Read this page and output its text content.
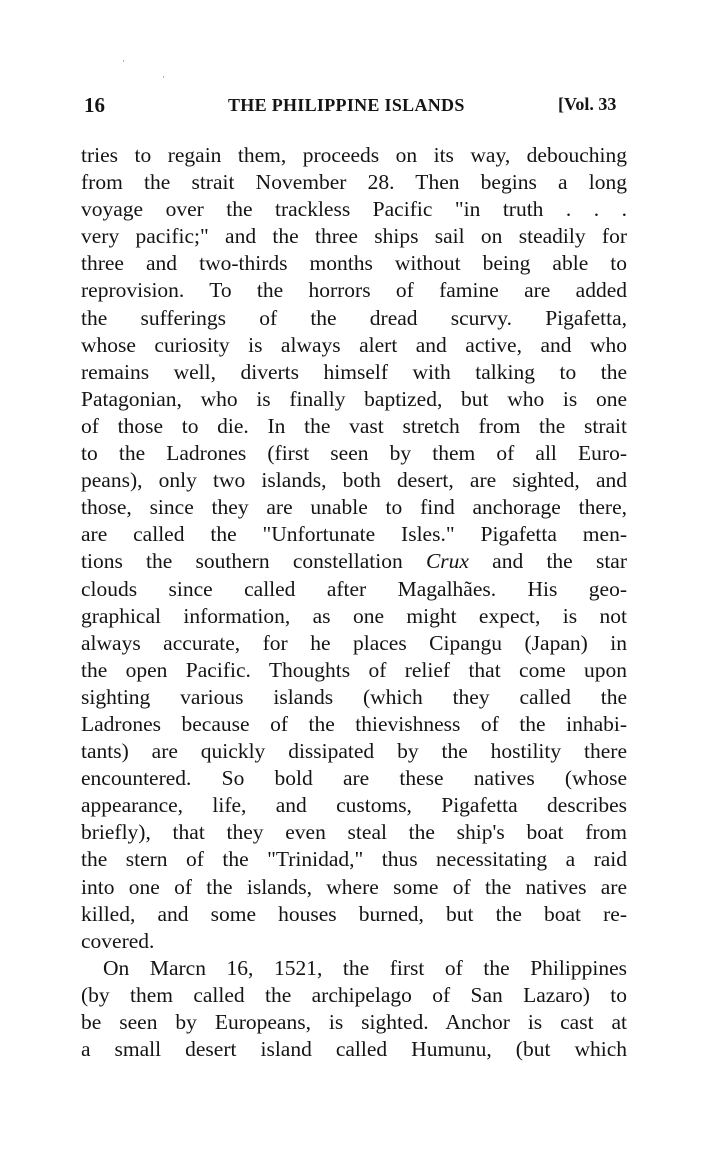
·
·
16	THE PHILIPPINE ISLANDS	[Vol. 33
tries to regain them, proceeds on its way, debouching
from the strait November 28. Then begins a long
voyage over the trackless Pacific "in truth . . .
very pacific;" and the three ships sail on steadily for
three and two-thirds months without being able to
reprovision. To the horrors of famine are added
the sufferings of the dread scurvy. Pigafetta,
whose curiosity is always alert and active, and who
remains well, diverts himself with talking to the
Patagonian, who is finally baptized, but who is one
of those to die. In the vast stretch from the strait
to the Ladrones (first seen by them of all Euro-
peans), only two islands, both desert, are sighted, and
those, since they are unable to find anchorage there,
are called the "Unfortunate Isles." Pigafetta men-
tions the southern constellation Crux and the star
clouds since called after Magalhães. His geo-
graphical information, as one might expect, is not
always accurate, for he places Cipangu (Japan) in
the open Pacific. Thoughts of relief that come upon
sighting various islands (which they called the
Ladrones because of the thievishness of the inhabi-
tants) are quickly dissipated by the hostility there
encountered. So bold are these natives (whose
appearance, life, and customs, Pigafetta describes
briefly), that they even steal the ship's boat from
the stern of the "Trinidad," thus necessitating a raid
into one of the islands, where some of the natives are
killed, and some houses burned, but the boat re-
covered.
On Marcn 16, 1521, the first of the Philippines
(by them called the archipelago of San Lazaro) to
be seen by Europeans, is sighted. Anchor is cast at
a small desert island called Humunu, (but which
